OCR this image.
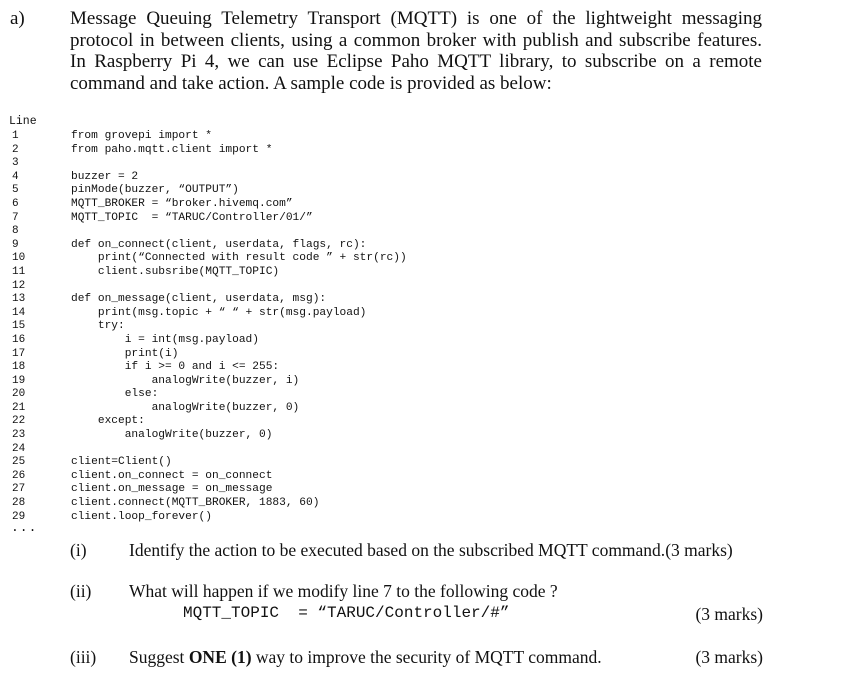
a) Message Queuing Telemetry Transport (MQTT) is one of the lightweight messaging protocol in between clients, using a common broker with publish and subscribe features. In Raspberry Pi 4, we can use Eclipse Paho MQTT library, to subscribe on a remote command and take action. A sample code is provided as below:
Line
1
2
3
4
5
6
7
8
9
10
11
12
13
14
15
16
17
18
19
20
21
22
23
24
25
26
27
28
29
...
from grovepi import *
from paho.mqtt.client import *
buzzer = 2
pinMode(buzzer, “OUTPUT”)
MQTT_BROKER = “broker.hivemq.com”
MQTT_TOPIC  = “TARUC/Controller/01/”
def on_connect(client, userdata, flags, rc):
print(“Connected with result code ” + str(rc))
client.subsribe(MQTT_TOPIC)
def on_message(client, userdata, msg):
print(msg.topic + “ “ + str(msg.payload)
try:
i = int(msg.payload)
print(i)
if i >= 0 and i <= 255:
analogWrite(buzzer, i)
else:
analogWrite(buzzer, 0)
except:
analogWrite(buzzer, 0)
client=Client()
client.on_connect = on_connect
client.on_message = on_message
client.connect(MQTT_BROKER, 1883, 60)
client.loop_forever()
(i) Identify the action to be executed based on the subscribed MQTT command.(3 marks)
(ii) What will happen if we modify line 7 to the following code ?
MQTT_TOPIC  = “TARUC/Controller/#”	(3 marks)
(iii) Suggest ONE (1) way to improve the security of MQTT command.	(3 marks)
